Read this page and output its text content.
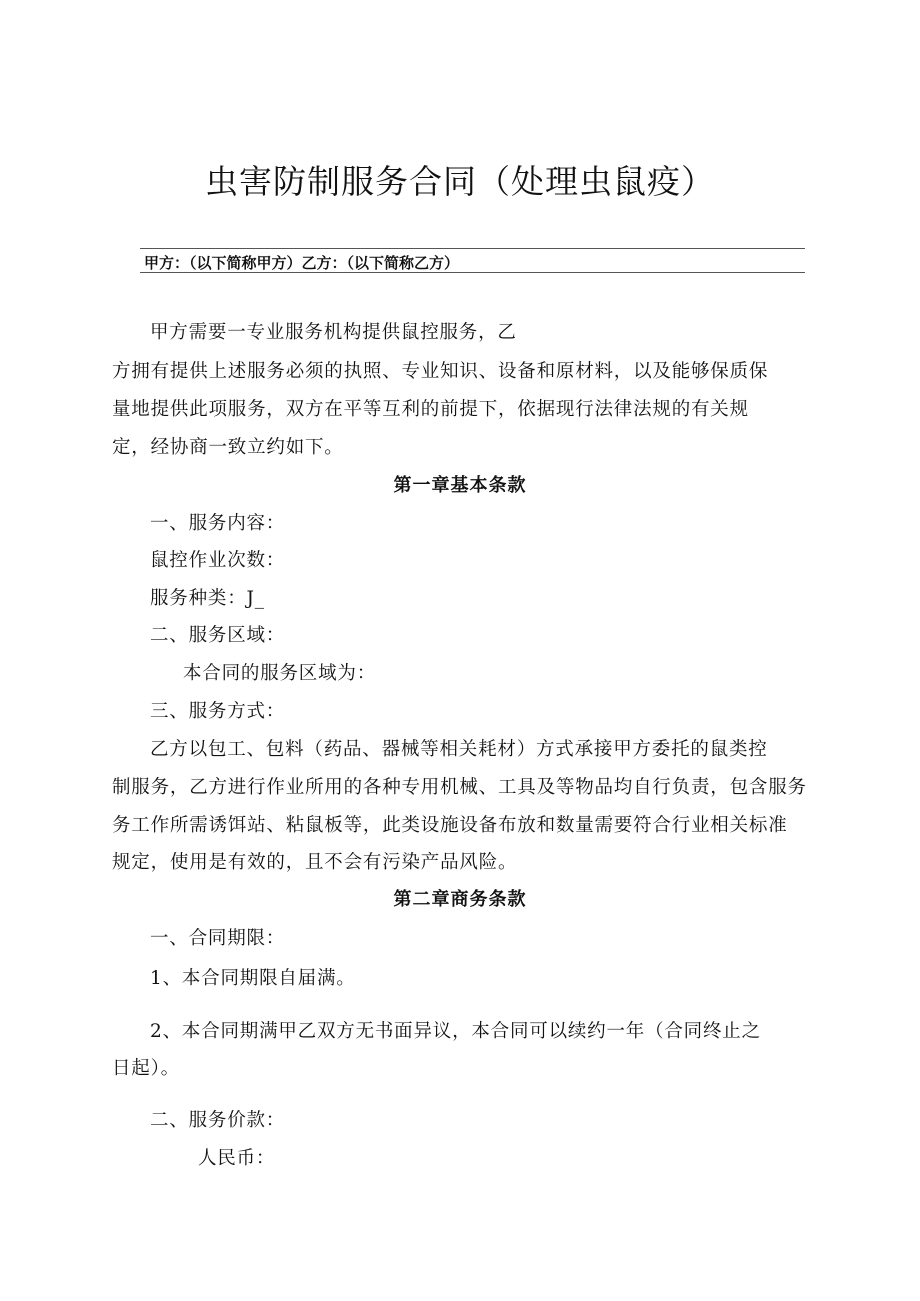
虫害防制服务合同（处理虫鼠疫）
甲方：（以下简称甲方）乙方：（以下简称乙方）
甲方需要一专业服务机构提供鼠控服务，乙
方拥有提供上述服务必须的执照、专业知识、设备和原材料，以及能够保质保
量地提供此项服务，双方在平等互利的前提下，依据现行法律法规的有关规
定，经协商一致立约如下。
第一章基本条款
一、服务内容：
鼠控作业次数：
服务种类：J_
二、服务区域：
本合同的服务区域为：
三、服务方式：
乙方以包工、包料（药品、器械等相关耗材）方式承接甲方委托的鼠类控
制服务，乙方进行作业所用的各种专用机械、工具及等物品均自行负责，包含服务
务工作所需诱饵站、粘鼠板等，此类设施设备布放和数量需要符合行业相关标准
规定，使用是有效的，且不会有污染产品风险。
第二章商务条款
一、合同期限：
1、本合同期限自届满。
2、本合同期满甲乙双方无书面异议，本合同可以续约一年（合同终止之
日起）。
二、服务价款：
人民币：
